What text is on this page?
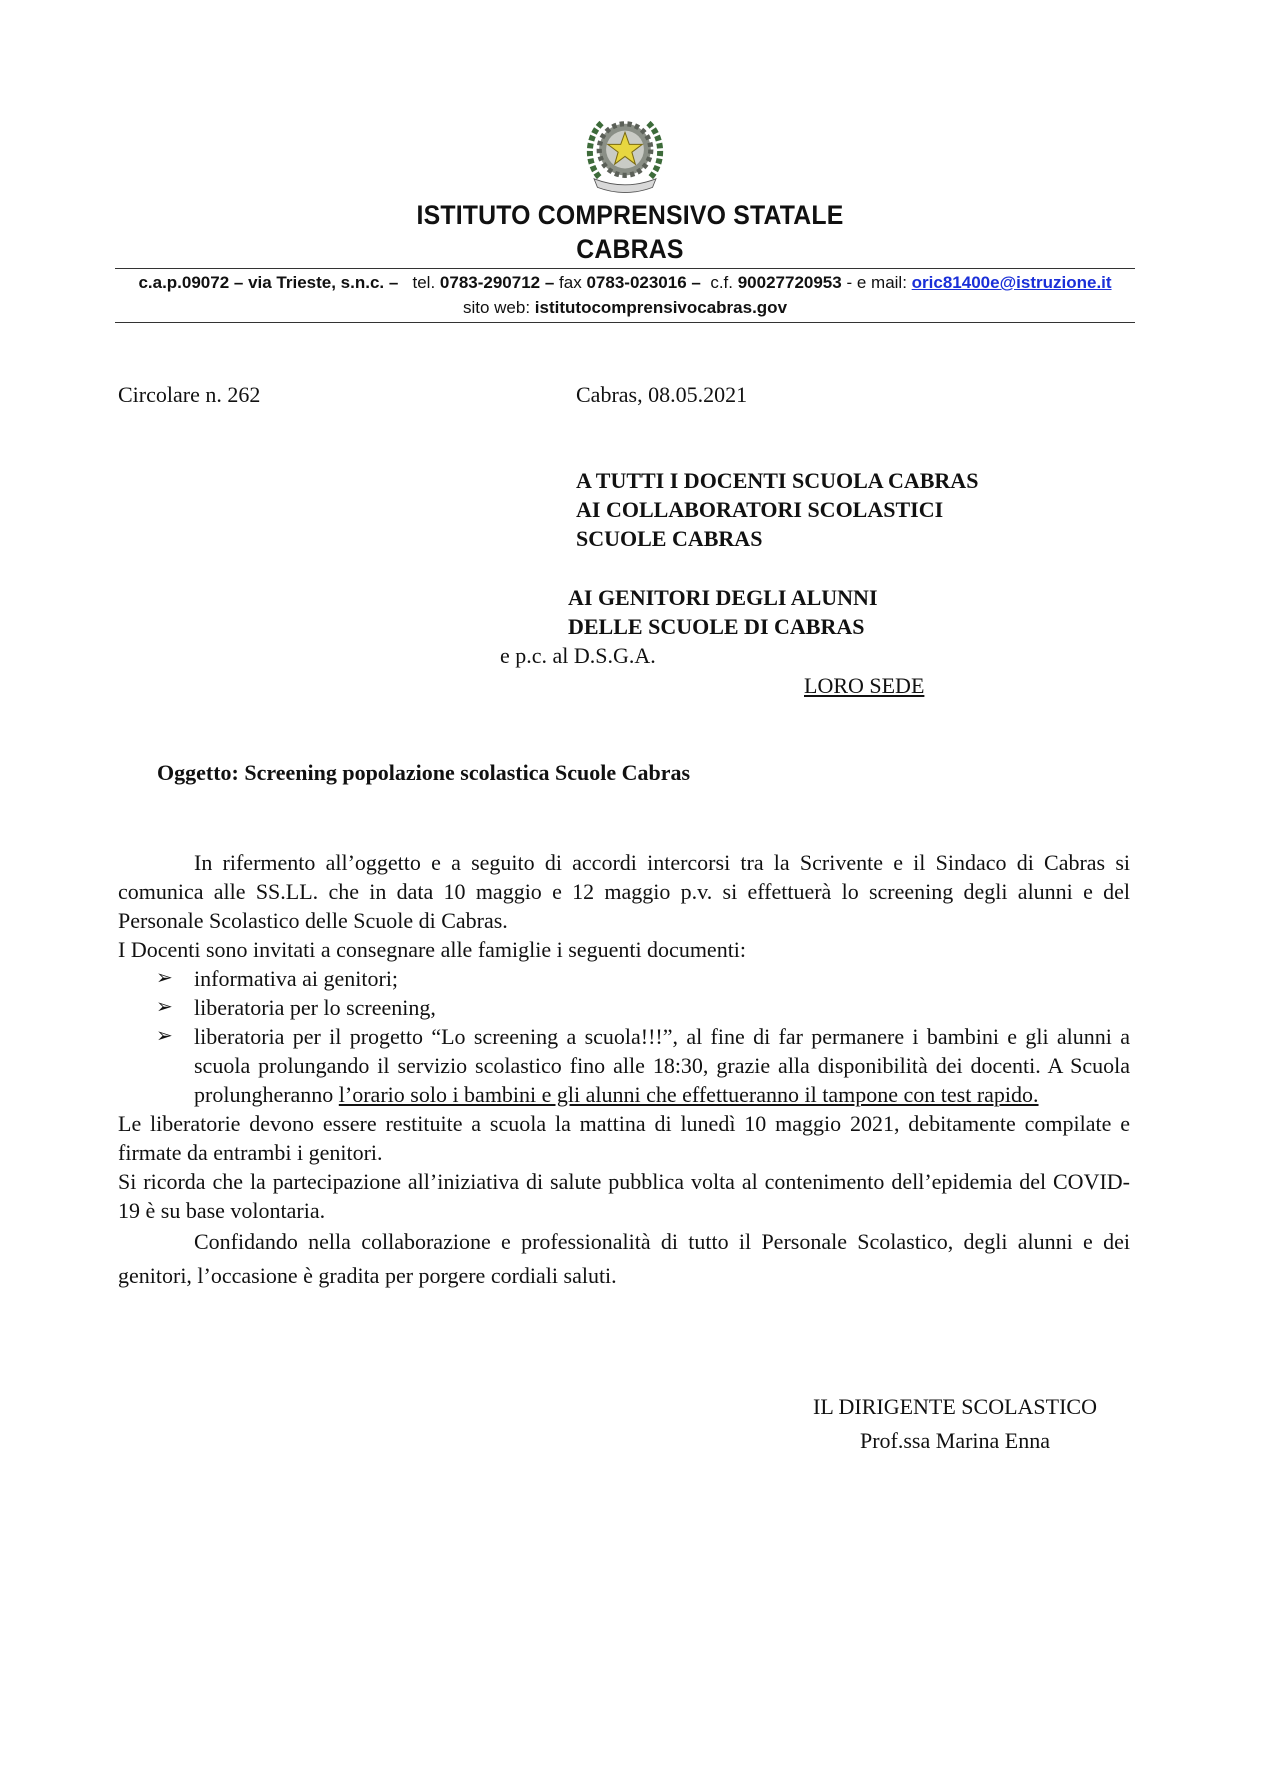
ISTITUTO COMPRENSIVO STATALE
CABRAS
c.a.p.09072 – via Trieste, s.n.c. – tel. 0783-290712 – fax 0783-023016 – c.f. 90027720953 - e mail: oric81400e@istruzione.it
sito web: istitutocomprensivocabras.gov
Circolare n. 262	Cabras, 08.05.2021
A TUTTI I DOCENTI SCUOLA CABRAS
AI COLLABORATORI SCOLASTICI
SCUOLE CABRAS
AI GENITORI DEGLI ALUNNI
DELLE SCUOLE DI CABRAS
e p.c. al D.S.G.A.
LORO SEDE
Oggetto: Screening popolazione scolastica Scuole Cabras

In rifermento all’oggetto e a seguito di accordi intercorsi tra la Scrivente e il Sindaco di Cabras si comunica alle SS.LL. che in data 10 maggio e 12 maggio p.v. si effettuerà lo screening degli alunni e del Personale Scolastico delle Scuole di Cabras.

I Docenti sono invitati a consegnare alle famiglie i seguenti documenti:

➢ informativa ai genitori;
➢ liberatoria per lo screening,
➢ liberatoria per il progetto “Lo screening a scuola!!!”, al fine di far permanere i bambini e gli alunni a scuola prolungando il servizio scolastico fino alle 18:30, grazie alla disponibilità dei docenti. A Scuola prolungheranno l’orario solo i bambini e gli alunni che effettueranno il tampone con test rapido.

Le liberatorie devono essere restituite a scuola la mattina di lunedì 10 maggio 2021, debitamente compilate e firmate da entrambi i genitori.

Si ricorda che la partecipazione all’iniziativa di salute pubblica volta al contenimento dell’epidemia del COVID-19 è su base volontaria.

Confidando nella collaborazione e professionalità di tutto il Personale Scolastico, degli alunni e dei genitori, l’occasione è gradita per porgere cordiali saluti.

IL DIRIGENTE SCOLASTICO
Prof.ssa Marina Enna
